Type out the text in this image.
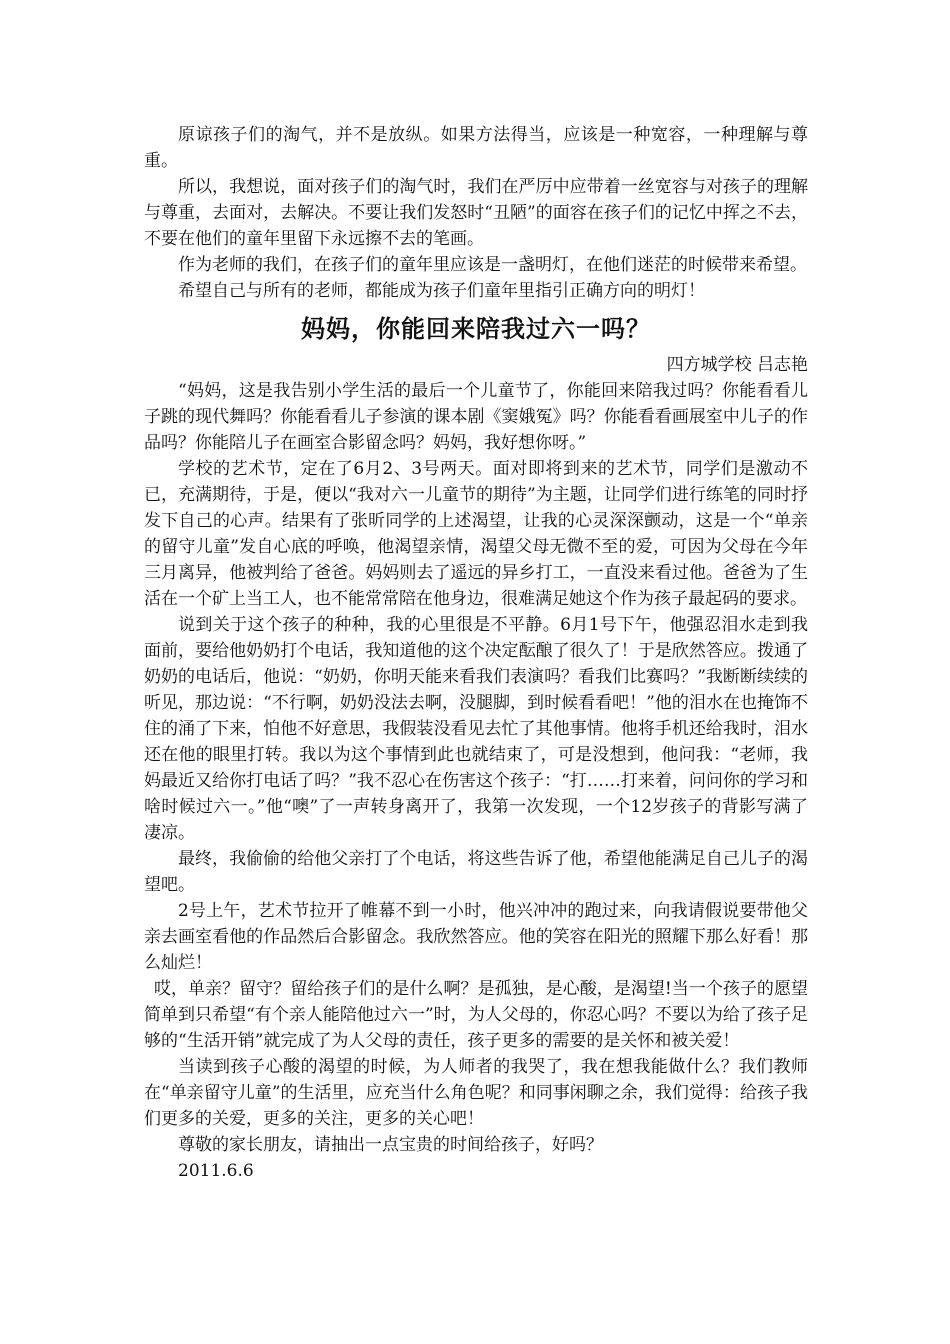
原谅孩子们的淘气，并不是放纵。如果方法得当，应该是一种宽容，一种理解与尊重。

所以，我想说，面对孩子们的淘气时，我们在严厉中应带着一丝宽容与对孩子的理解与尊重，去面对，去解决。不要让我们发怒时“丑陋”的面容在孩子们的记忆中挥之不去，不要在他们的童年里留下永远擦不去的笔画。

作为老师的我们，在孩子们的童年里应该是一盏明灯，在他们迷茫的时候带来希望。

希望自己与所有的老师，都能成为孩子们童年里指引正确方向的明灯！

妈妈，你能回来陪我过六一吗？

四方城学校 吕志艳

“妈妈，这是我告别小学生活的最后一个儿童节了，你能回来陪我过吗？你能看看儿子跳的现代舞吗？你能看看儿子参演的课本剧《窦娥冤》吗？你能看看画展室中儿子的作品吗？你能陪儿子在画室合影留念吗？妈妈，我好想你呀。”

学校的艺术节，定在了6月2、3号两天。面对即将到来的艺术节，同学们是激动不已，充满期待，于是，便以“我对六一儿童节的期待”为主题，让同学们进行练笔的同时抒发下自己的心声。结果有了张昕同学的上述渴望，让我的心灵深深颤动，这是一个“单亲的留守儿童”发自心底的呼唤，他渴望亲情，渴望父母无微不至的爱，可因为父母在今年三月离异，他被判给了爸爸。妈妈则去了遥远的异乡打工，一直没来看过他。爸爸为了生活在一个矿上当工人，也不能常常陪在他身边，很难满足她这个作为孩子最起码的要求。

说到关于这个孩子的种种，我的心里很是不平静。6月1号下午，他强忍泪水走到我面前，要给他奶奶打个电话，我知道他的这个决定酝酿了很久了！于是欣然答应。拨通了奶奶的电话后，他说：“奶奶，你明天能来看我们表演吗？看我们比赛吗？”我断断续续的听见，那边说：“不行啊，奶奶没法去啊，没腿脚，到时候看看吧！”他的泪水在也掩饰不住的涌了下来，怕他不好意思，我假装没看见去忙了其他事情。他将手机还给我时，泪水还在他的眼里打转。我以为这个事情到此也就结束了，可是没想到，他问我：“老师，我妈最近又给你打电话了吗？”我不忍心在伤害这个孩子：“打……打来着，问问你的学习和啥时候过六一。”他“噢”了一声转身离开了，我第一次发现，一个12岁孩子的背影写满了凄凉。

最终，我偷偷的给他父亲打了个电话，将这些告诉了他，希望他能满足自己儿子的渴望吧。

2号上午，艺术节拉开了帷幕不到一小时，他兴冲冲的跑过来，向我请假说要带他父亲去画室看他的作品然后合影留念。我欣然答应。他的笑容在阳光的照耀下那么好看！那么灿烂！

哎，单亲？留守？留给孩子们的是什么啊？是孤独，是心酸，是渴望!当一个孩子的愿望简单到只希望“有个亲人能陪他过六一”时，为人父母的，你忍心吗？不要以为给了孩子足够的“生活开销”就完成了为人父母的责任，孩子更多的需要的是关怀和被关爱！

当读到孩子心酸的渴望的时候，为人师者的我哭了，我在想我能做什么？我们教师在“单亲留守儿童”的生活里，应充当什么角色呢？和同事闲聊之余，我们觉得：给孩子我们更多的关爱，更多的关注，更多的关心吧！

尊敬的家长朋友，请抽出一点宝贵的时间给孩子，好吗？

2011.6.6
